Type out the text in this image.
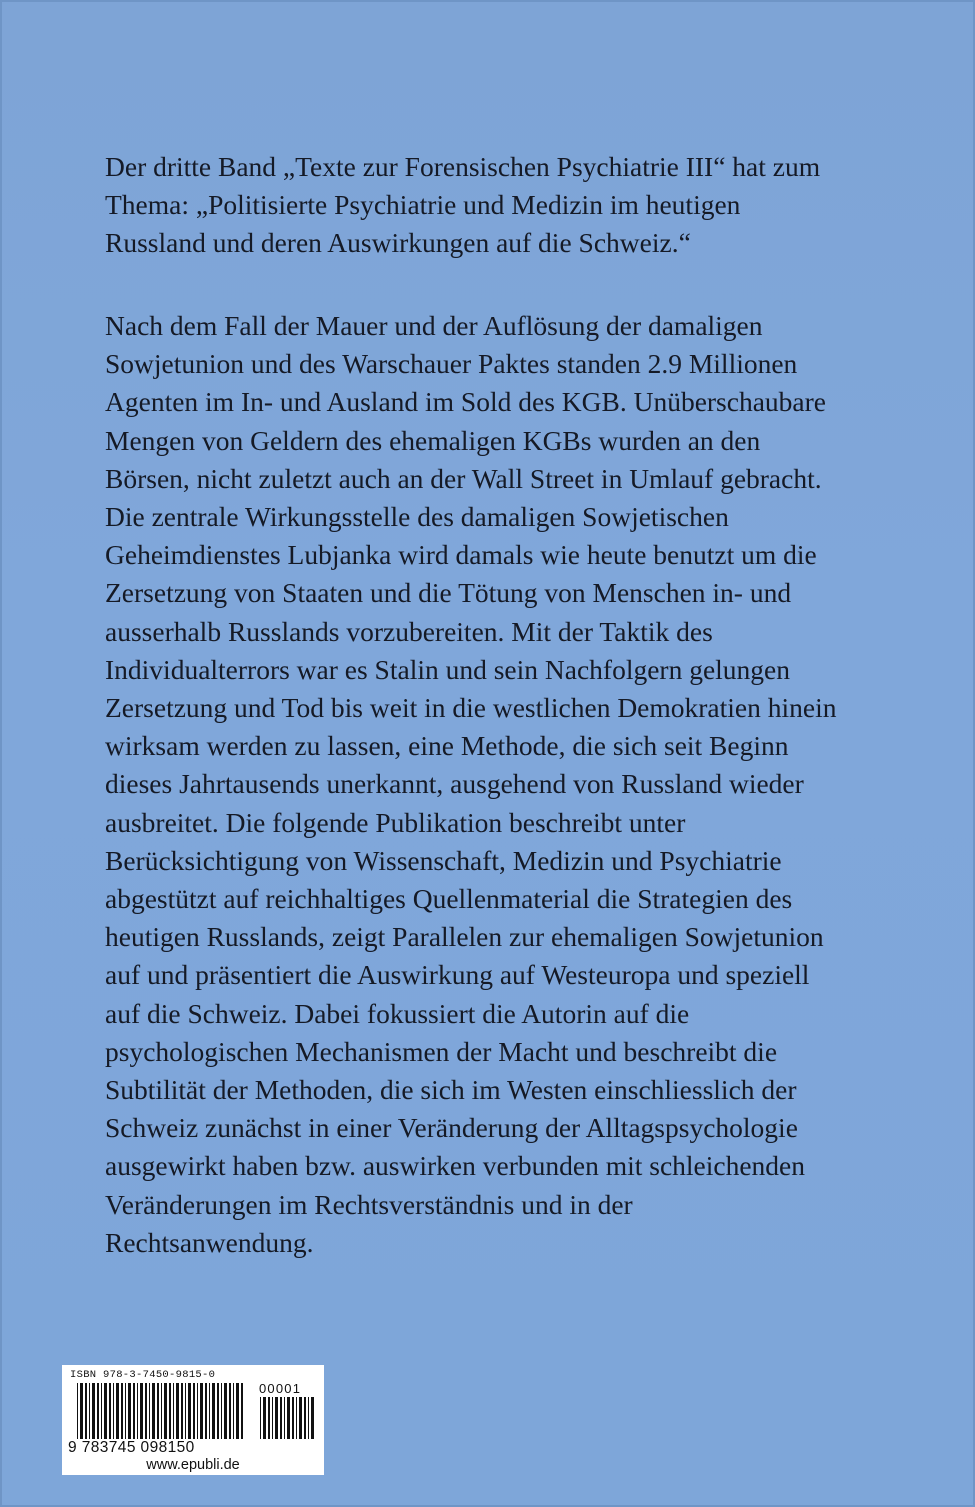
Der dritte Band „Texte zur Forensischen Psychiatrie III“ hat zum
Thema: „Politisierte Psychiatrie und Medizin im heutigen
Russland und deren Auswirkungen auf die Schweiz.“
Nach dem Fall der Mauer und der Auflösung der damaligen
Sowjetunion und des Warschauer Paktes standen 2.9 Millionen
Agenten im In- und Ausland im Sold des KGB. Unüberschaubare
Mengen von Geldern des ehemaligen KGBs wurden an den
Börsen, nicht zuletzt auch an der Wall Street in Umlauf gebracht.
Die zentrale Wirkungsstelle des damaligen Sowjetischen
Geheimdienstes Lubjanka wird damals wie heute benutzt um die
Zersetzung von Staaten und die Tötung von Menschen in- und
ausserhalb Russlands vorzubereiten. Mit der Taktik des
Individualterrors war es Stalin und sein Nachfolgern gelungen
Zersetzung und Tod bis weit in die westlichen Demokratien hinein
wirksam werden zu lassen, eine Methode, die sich seit Beginn
dieses Jahrtausends unerkannt, ausgehend von Russland wieder
ausbreitet. Die folgende Publikation beschreibt unter
Berücksichtigung von Wissenschaft, Medizin und Psychiatrie
abgestützt auf reichhaltiges Quellenmaterial die Strategien des
heutigen Russlands, zeigt Parallelen zur ehemaligen Sowjetunion
auf und präsentiert die Auswirkung auf Westeuropa und speziell
auf die Schweiz. Dabei fokussiert die Autorin auf die
psychologischen Mechanismen der Macht und beschreibt die
Subtilität der Methoden, die sich im Westen einschliesslich der
Schweiz zunächst in einer Veränderung der Alltagspsychologie
ausgewirkt haben bzw. auswirken verbunden mit schleichenden
Veränderungen im Rechtsverständnis und in der
Rechtsanwendung.
ISBN 978-3-7450-9815-0
00001
9 783745 098150
www.epubli.de
